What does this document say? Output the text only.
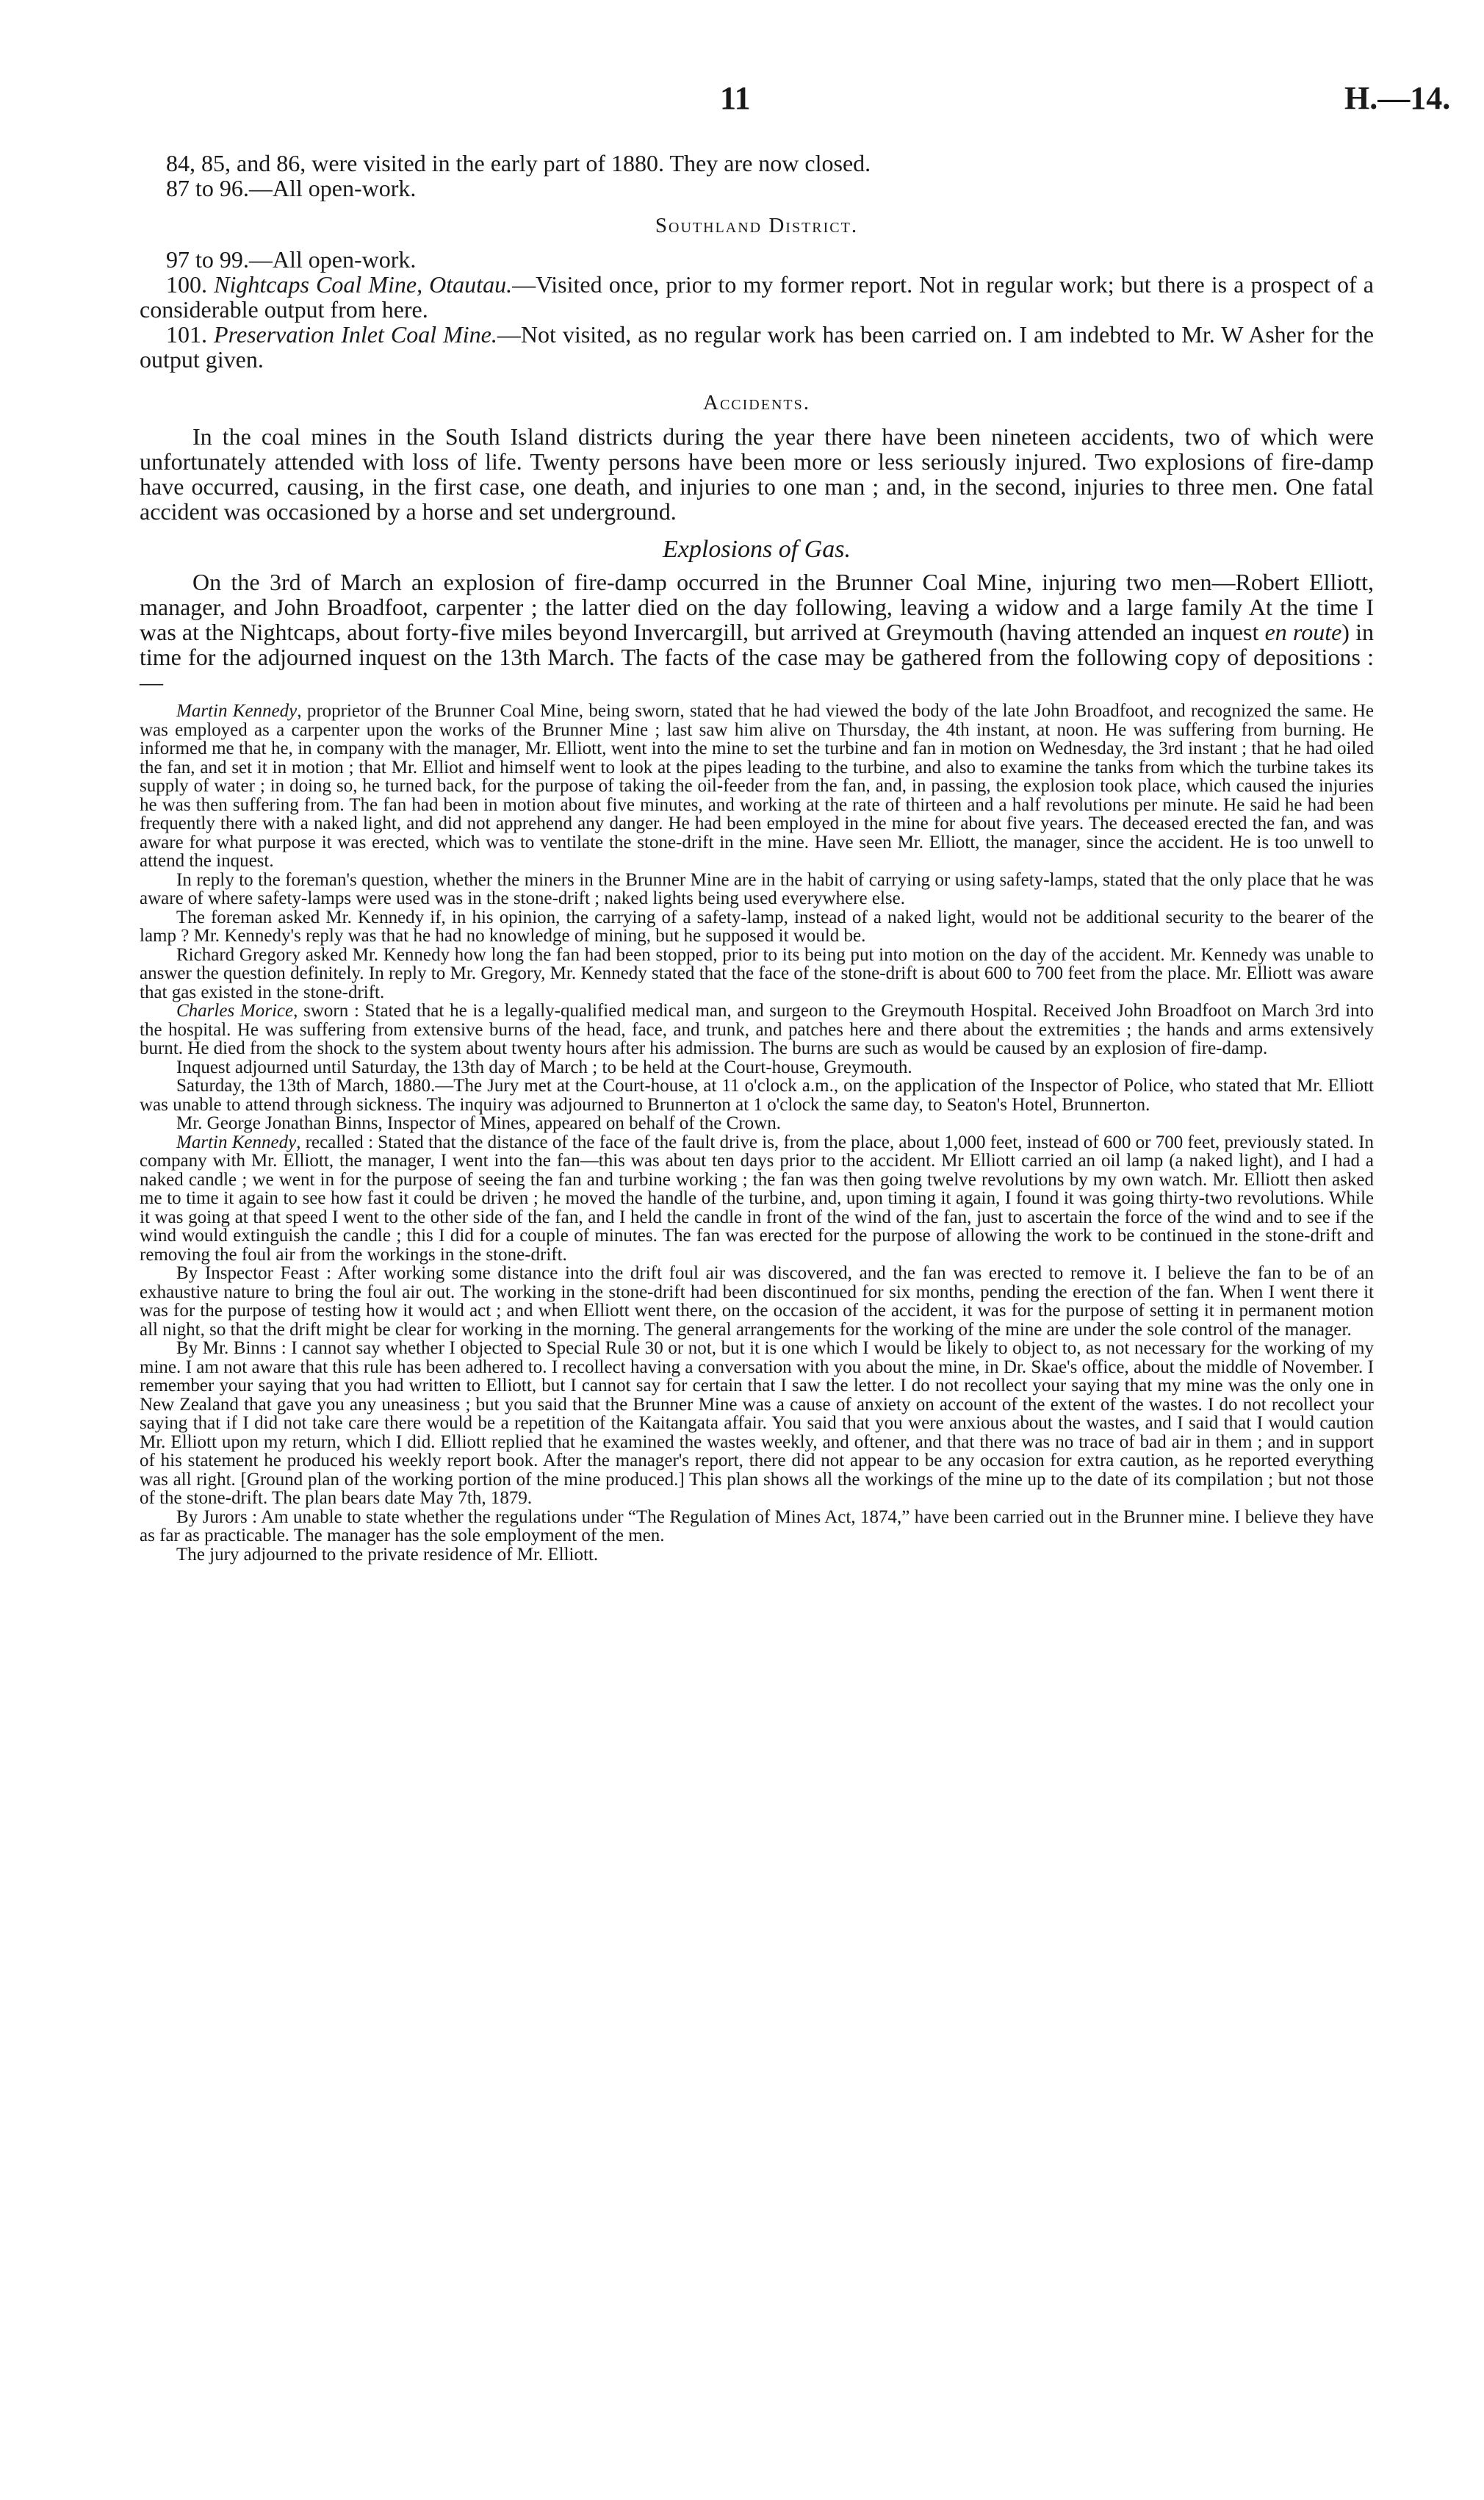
11	H.—14.

84, 85, and 86, were visited in the early part of 1880. They are now closed.

87 to 96.—All open-work.

Southland District.

97 to 99.—All open-work.

100. Nightcaps Coal Mine, Otautau.—Visited once, prior to my former report. Not in regular work; but there is a prospect of a considerable output from here.

101. Preservation Inlet Coal Mine.—Not visited, as no regular work has been carried on. I am indebted to Mr. W Asher for the output given.

Accidents.

In the coal mines in the South Island districts during the year there have been nineteen accidents, two of which were unfortunately attended with loss of life. Twenty persons have been more or less seriously injured. Two explosions of fire-damp have occurred, causing, in the first case, one death, and injuries to one man ; and, in the second, injuries to three men. One fatal accident was occasioned by a horse and set underground.

Explosions of Gas.

On the 3rd of March an explosion of fire-damp occurred in the Brunner Coal Mine, injuring two men—Robert Elliott, manager, and John Broadfoot, carpenter ; the latter died on the day following, leaving a widow and a large family At the time I was at the Nightcaps, about forty-five miles beyond Invercargill, but arrived at Greymouth (having attended an inquest en route) in time for the adjourned inquest on the 13th March. The facts of the case may be gathered from the following copy of depositions :—

Martin Kennedy, proprietor of the Brunner Coal Mine, being sworn, stated that he had viewed the body of the late John Broadfoot, and recognized the same. He was employed as a carpenter upon the works of the Brunner Mine ; last saw him alive on Thursday, the 4th instant, at noon. He was suffering from burning. He informed me that he, in company with the manager, Mr. Elliott, went into the mine to set the turbine and fan in motion on Wednesday, the 3rd instant ; that he had oiled the fan, and set it in motion ; that Mr. Elliot and himself went to look at the pipes leading to the turbine, and also to examine the tanks from which the turbine takes its supply of water ; in doing so, he turned back, for the purpose of taking the oil-feeder from the fan, and, in passing, the explosion took place, which caused the injuries he was then suffering from. The fan had been in motion about five minutes, and working at the rate of thirteen and a half revolutions per minute. He said he had been frequently there with a naked light, and did not apprehend any danger. He had been employed in the mine for about five years. The deceased erected the fan, and was aware for what purpose it was erected, which was to ventilate the stone-drift in the mine. Have seen Mr. Elliott, the manager, since the accident. He is too unwell to attend the inquest.

In reply to the foreman's question, whether the miners in the Brunner Mine are in the habit of carrying or using safety-lamps, stated that the only place that he was aware of where safety-lamps were used was in the stone-drift ; naked lights being used everywhere else.

The foreman asked Mr. Kennedy if, in his opinion, the carrying of a safety-lamp, instead of a naked light, would not be additional security to the bearer of the lamp ? Mr. Kennedy's reply was that he had no knowledge of mining, but he supposed it would be.

Richard Gregory asked Mr. Kennedy how long the fan had been stopped, prior to its being put into motion on the day of the accident. Mr. Kennedy was unable to answer the question definitely. In reply to Mr. Gregory, Mr. Kennedy stated that the face of the stone-drift is about 600 to 700 feet from the place. Mr. Elliott was aware that gas existed in the stone-drift.

Charles Morice, sworn : Stated that he is a legally-qualified medical man, and surgeon to the Greymouth Hospital. Received John Broadfoot on March 3rd into the hospital. He was suffering from extensive burns of the head, face, and trunk, and patches here and there about the extremities ; the hands and arms extensively burnt. He died from the shock to the system about twenty hours after his admission. The burns are such as would be caused by an explosion of fire-damp.

Inquest adjourned until Saturday, the 13th day of March ; to be held at the Court-house, Greymouth.

Saturday, the 13th of March, 1880.—The Jury met at the Court-house, at 11 o'clock a.m., on the application of the Inspector of Police, who stated that Mr. Elliott was unable to attend through sickness. The inquiry was adjourned to Brunnerton at 1 o'clock the same day, to Seaton's Hotel, Brunnerton.

Mr. George Jonathan Binns, Inspector of Mines, appeared on behalf of the Crown.

Martin Kennedy, recalled : Stated that the distance of the face of the fault drive is, from the place, about 1,000 feet, instead of 600 or 700 feet, previously stated. In company with Mr. Elliott, the manager, I went into the fan—this was about ten days prior to the accident. Mr Elliott carried an oil lamp (a naked light), and I had a naked candle ; we went in for the purpose of seeing the fan and turbine working ; the fan was then going twelve revolutions by my own watch. Mr. Elliott then asked me to time it again to see how fast it could be driven ; he moved the handle of the turbine, and, upon timing it again, I found it was going thirty-two revolutions. While it was going at that speed I went to the other side of the fan, and I held the candle in front of the wind of the fan, just to ascertain the force of the wind and to see if the wind would extinguish the candle ; this I did for a couple of minutes. The fan was erected for the purpose of allowing the work to be continued in the stone-drift and removing the foul air from the workings in the stone-drift.

By Inspector Feast : After working some distance into the drift foul air was discovered, and the fan was erected to remove it. I believe the fan to be of an exhaustive nature to bring the foul air out. The working in the stone-drift had been discontinued for six months, pending the erection of the fan. When I went there it was for the purpose of testing how it would act ; and when Elliott went there, on the occasion of the accident, it was for the purpose of setting it in permanent motion all night, so that the drift might be clear for working in the morning. The general arrangements for the working of the mine are under the sole control of the manager.

By Mr. Binns : I cannot say whether I objected to Special Rule 30 or not, but it is one which I would be likely to object to, as not necessary for the working of my mine. I am not aware that this rule has been adhered to. I recollect having a conversation with you about the mine, in Dr. Skae's office, about the middle of November. I remember your saying that you had written to Elliott, but I cannot say for certain that I saw the letter. I do not recollect your saying that my mine was the only one in New Zealand that gave you any uneasiness ; but you said that the Brunner Mine was a cause of anxiety on account of the extent of the wastes. I do not recollect your saying that if I did not take care there would be a repetition of the Kaitangata affair. You said that you were anxious about the wastes, and I said that I would caution Mr. Elliott upon my return, which I did. Elliott replied that he examined the wastes weekly, and oftener, and that there was no trace of bad air in them ; and in support of his statement he produced his weekly report book. After the manager's report, there did not appear to be any occasion for extra caution, as he reported everything was all right. [Ground plan of the working portion of the mine produced.] This plan shows all the workings of the mine up to the date of its compilation ; but not those of the stone-drift. The plan bears date May 7th, 1879.

By Jurors : Am unable to state whether the regulations under “The Regulation of Mines Act, 1874,” have been carried out in the Brunner mine. I believe they have as far as practicable. The manager has the sole employment of the men.

The jury adjourned to the private residence of Mr. Elliott.
